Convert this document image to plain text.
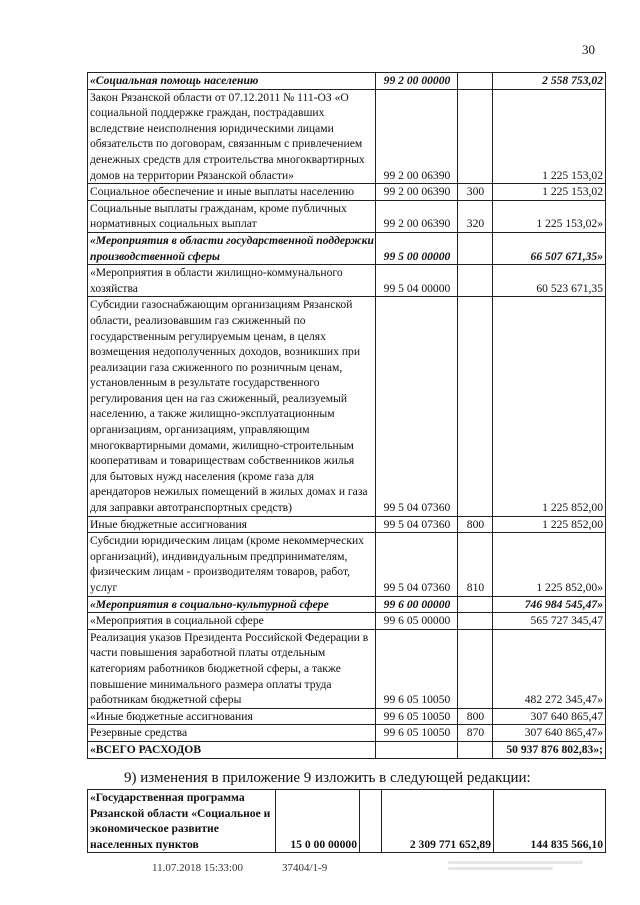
30
«Социальная помощь населению	99 2 00 00000		2 558 753,02
Закон Рязанской области от 07.12.2011 № 111-ОЗ «О социальной поддержке граждан, пострадавших вследствие неисполнения юридическими лицами обязательств по договорам, связанным с привлечением денежных средств для строительства многоквартирных домов на территории Рязанской области»	99 2 00 06390		1 225 153,02
Социальное обеспечение и иные выплаты населению	99 2 00 06390	300	1 225 153,02
Социальные выплаты гражданам, кроме публичных нормативных социальных выплат	99 2 00 06390	320	1 225 153,02»
«Мероприятия в области государственной поддержки производственной сферы	99 5 00 00000		66 507 671,35»
«Мероприятия в области жилищно-коммунального хозяйства	99 5 04 00000		60 523 671,35
Субсидии газоснабжающим организациям Рязанской области, реализовавшим газ сжиженный по государственным регулируемым ценам, в целях возмещения недополученных доходов, возникших при реализации газа сжиженного по розничным ценам, установленным в результате государственного регулирования цен на газ сжиженный, реализуемый населению, а также жилищно-эксплуатационным организациям, организациям, управляющим многоквартирными домами, жилищно-строительным кооперативам и товариществам собственников жилья для бытовых нужд населения (кроме газа для арендаторов нежилых помещений в жилых домах и газа для заправки автотранспортных средств)	99 5 04 07360		1 225 852,00
Иные бюджетные ассигнования	99 5 04 07360	800	1 225 852,00
Субсидии юридическим лицам (кроме некоммерческих организаций), индивидуальным предпринимателям, физическим лицам - производителям товаров, работ, услуг	99 5 04 07360	810	1 225 852,00»
«Мероприятия в социально-культурной сфере	99 6 00 00000		746 984 545,47»
«Мероприятия в социальной сфере	99 6 05 00000		565 727 345,47
Реализация указов Президента Российской Федерации в части повышения заработной платы отдельным категориям работников бюджетной сферы, а также повышение минимального размера оплаты труда работникам бюджетной сферы	99 6 05 10050		482 272 345,47»
«Иные бюджетные ассигнования	99 6 05 10050	800	307 640 865,47
Резервные средства	99 6 05 10050	870	307 640 865,47»
«ВСЕГО РАСХОДОВ			50 937 876 802,83»;
9) изменения в приложение 9 изложить в следующей редакции:
«Государственная программа Рязанской области «Социальное и экономическое развитие населенных пунктов	15 0 00 00000		2 309 771 652,89	144 835 566,10
11.07.2018 15:33:00	37404/1-9
